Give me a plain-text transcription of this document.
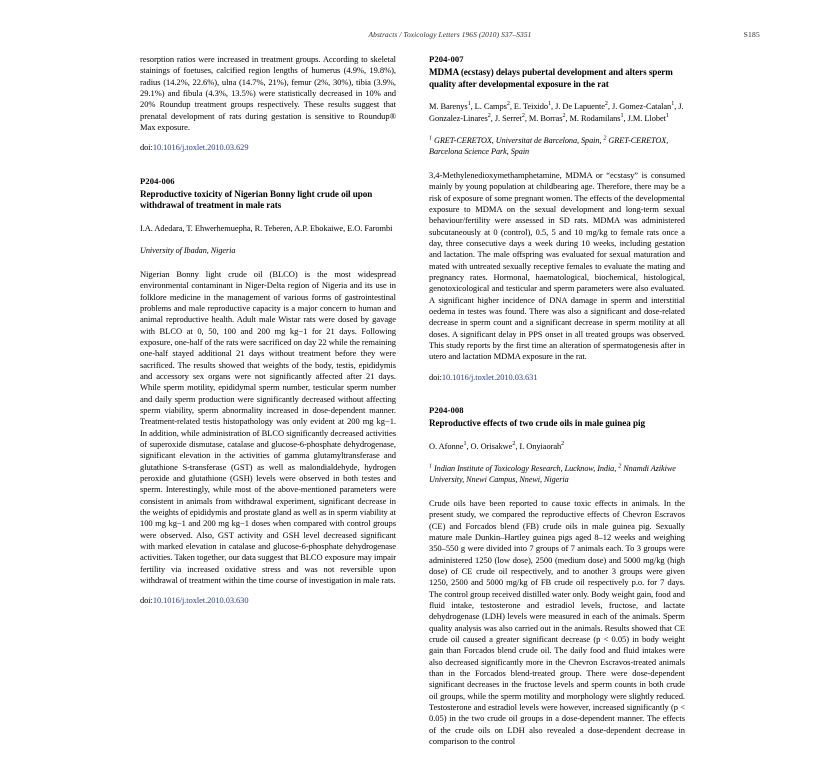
Abstracts / Toxicology Letters 196S (2010) S37–S351	S185

resorption ratios were increased in treatment groups. According to skeletal stainings of foetuses, calcified region lengths of humerus (4.9%, 19.8%), radius (14.2%, 22.6%), ulna (14.7%, 21%), femur (2%, 30%), tibia (3.9%, 29.1%) and fibula (4.3%, 13.5%) were statistically decreased in 10% and 20% Roundup treatment groups respectively. These results suggest that prenatal development of rats during gestation is sensitive to Roundup® Max exposure.

doi:10.1016/j.toxlet.2010.03.629

P204-006

Reproductive toxicity of Nigerian Bonny light crude oil upon withdrawal of treatment in male rats

I.A. Adedara, T. Ehwerhemuepha, R. Teberen, A.P. Ebokaiwe, E.O. Farombi

University of Ibadan, Nigeria

Nigerian Bonny light crude oil (BLCO) is the most widespread environmental contaminant in Niger-Delta region of Nigeria and its use in folklore medicine in the management of various forms of gastrointestinal problems and male reproductive capacity is a major concern to human and animal reproductive health. Adult male Wistar rats were dosed by gavage with BLCO at 0, 50, 100 and 200 mg kg−1 for 21 days. Following exposure, one-half of the rats were sacrificed on day 22 while the remaining one-half stayed additional 21 days without treatment before they were sacrificed. The results showed that weights of the body, testis, epididymis and accessory sex organs were not significantly affected after 21 days. While sperm motility, epididymal sperm number, testicular sperm number and daily sperm production were significantly decreased without affecting sperm viability, sperm abnormality increased in dose-dependent manner. Treatment-related testis histopathology was only evident at 200 mg kg−1. In addition, while administration of BLCO significantly decreased activities of superoxide dismutase, catalase and glucose-6-phosphate dehydrogenase, significant elevation in the activities of gamma glutamyltransferase and glutathione S-transferase (GST) as well as malondialdehyde, hydrogen peroxide and glutathione (GSH) levels were observed in both testes and sperm. Interestingly, while most of the above-mentioned parameters were consistent in animals from withdrawal experiment, significant decrease in the weights of epididymis and prostate gland as well as in sperm viability at 100 mg kg−1 and 200 mg kg−1 doses when compared with control groups were observed. Also, GST activity and GSH level decreased significant with marked elevation in catalase and glucose-6-phosphate dehydrogenase activities. Taken together, our data suggest that BLCO exposure may impair fertility via increased oxidative stress and was not reversible upon withdrawal of treatment within the time course of investigation in male rats.

doi:10.1016/j.toxlet.2010.03.630

P204-007

MDMA (ecstasy) delays pubertal development and alters sperm quality after developmental exposure in the rat

M. Barenys$^1$, L. Camps$^2$, E. Teixido$^1$, J. De Lapuente$^2$, J. Gomez-Catalan$^1$, J. Gonzalez-Linares$^2$, J. Serret$^2$, M. Borras$^2$, M. Rodamilans$^1$, J.M. Llobet$^1$

$^1$ GRET-CERETOX, Universitat de Barcelona, Spain, $^2$ GRET-CERETOX, Barcelona Science Park, Spain

3,4-Methylenedioxymethamphetamine, MDMA or “ecstasy” is consumed mainly by young population at childbearing age. Therefore, there may be a risk of exposure of some pregnant women. The effects of the developmental exposure to MDMA on the sexual development and long-term sexual behaviour/fertility were assessed in SD rats. MDMA was administered subcutaneously at 0 (control), 0.5, 5 and 10 mg/kg to female rats once a day, three consecutive days a week during 10 weeks, including gestation and lactation. The male offspring was evaluated for sexual maturation and mated with untreated sexually receptive females to evaluate the mating and pregnancy rates. Hormonal, haematological, biochemical, histological, genotoxicological and testicular and sperm parameters were also evaluated. A significant higher incidence of DNA damage in sperm and interstitial oedema in testes was found. There was also a significant and dose-related decrease in sperm count and a significant decrease in sperm motility at all doses. A significant delay in PPS onset in all treated groups was observed. This study reports by the first time an alteration of spermatogenesis after in utero and lactation MDMA exposure in the rat.

doi:10.1016/j.toxlet.2010.03.631

P204-008

Reproductive effects of two crude oils in male guinea pig

O. Afonne$^1$, O. Orisakwe$^2$, I. Onyiaorah$^2$

$^1$ Indian Institute of Toxicology Research, Lucknow, India, $^2$ Nnamdi Azikiwe University, Nnewi Campus, Nnewi, Nigeria

Crude oils have been reported to cause toxic effects in animals. In the present study, we compared the reproductive effects of Chevron Escravos (CE) and Forcados blend (FB) crude oils in male guinea pig. Sexually mature male Dunkin–Hartley guinea pigs aged 8–12 weeks and weighing 350–550 g were divided into 7 groups of 7 animals each. To 3 groups were administered 1250 (low dose), 2500 (medium dose) and 5000 mg/kg (high dose) of CE crude oil respectively, and to another 3 groups were given 1250, 2500 and 5000 mg/kg of FB crude oil respectively p.o. for 7 days. The control group received distilled water only. Body weight gain, food and fluid intake, testosterone and estradiol levels, fructose, and lactate dehydrogenase (LDH) levels were measured in each of the animals. Sperm quality analysis was also carried out in the animals. Results showed that CE crude oil caused a greater significant decrease (p < 0.05) in body weight gain than Forcados blend crude oil. The daily food and fluid intakes were also decreased significantly more in the Chevron Escravos-treated animals than in the Forcados blend-treated group. There were dose-dependent significant decreases in the fructose levels and sperm counts in both crude oil groups, while the sperm motility and morphology were slightly reduced. Testosterone and estradiol levels were however, increased significantly (p < 0.05) in the two crude oil groups in a dose-dependent manner. The effects of the crude oils on LDH also revealed a dose-dependent decrease in comparison to the control
